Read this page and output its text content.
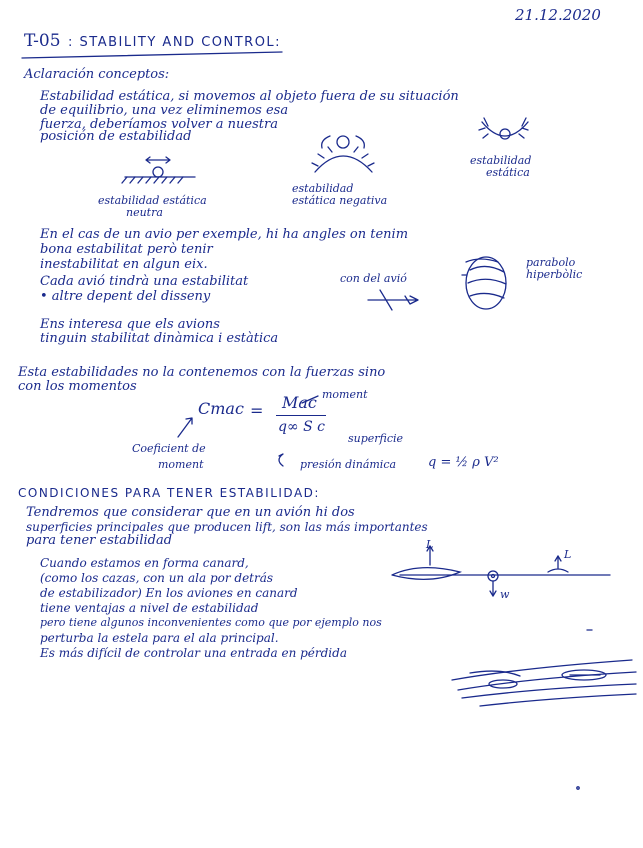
21.12.2020
T-05 : STABILITY AND CONTROL:
Aclaración conceptos:
Estabilidad estática, si movemos al objeto fuera de su situación
de equilibrio, una vez eliminemos esa
fuerza, deberíamos volver a nuestra
posición de estabilidad
estabilidad estática
neutra
estabilidad
estática negativa
estabilidad
estática
En el cas de un avio per exemple, hi ha angles on tenim
bona estabilitat però tenir
inestabilitat en algun eix.
Cada avió tindrà una estabilitat
• altre depent del disseny
con del avió
parabolo
hiperbòlic
Ens interesa que els avions
tinguin stabilitat dinàmica i estàtica
Esta estabilidades no la contenemos con la fuerzas sino
con los momentos
Cmac = Mac
q∞ S c
moment
superficie
Coeficient de
moment	presión dinámica q = ½ ρ V²
CONDICIONES PARA TENER ESTABILIDAD:
Tendremos que considerar que en un avión hi dos
superficies principales que producen lift, son las más importantes
para tener estabilidad	L
L
w
Cuando estamos en forma canard,
(como los cazas, con un ala por detrás
de estabilizador) En los aviones en canard
tiene ventajas a nivel de estabilidad
pero tiene algunos inconvenientes como que por ejemplo nos
perturba la estela para el ala principal.
Es más difícil de controlar una entrada en pérdida
